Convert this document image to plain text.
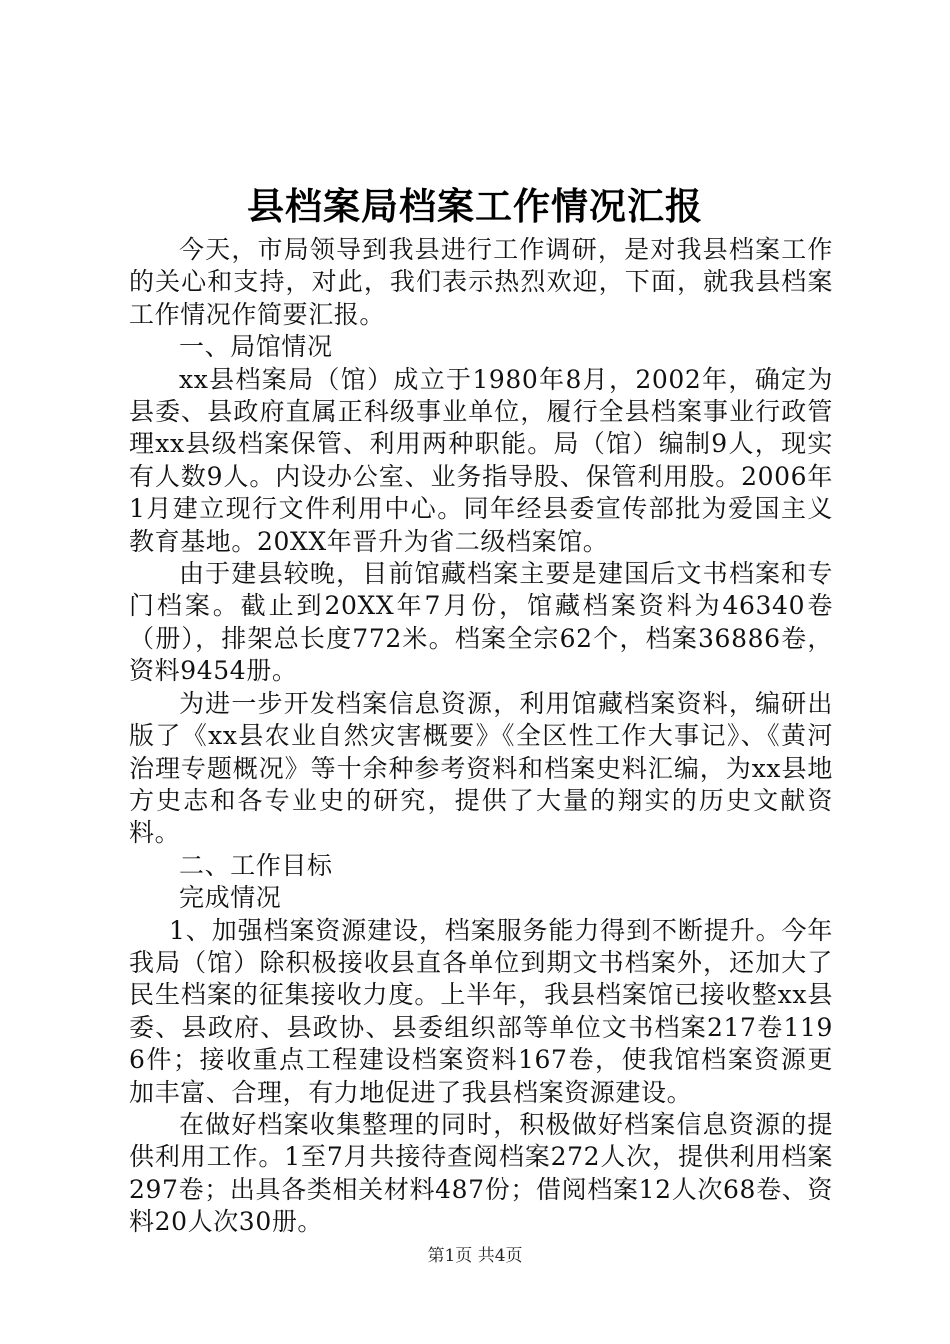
县档案局档案工作情况汇报

今天，市局领导到我县进行工作调研，是对我县档案工作的关心和支持，对此，我们表示热烈欢迎，下面，就我县档案工作情况作简要汇报。

一、局馆情况

xx县档案局（馆）成立于1980年8月，2002年，确定为县委、县政府直属正科级事业单位，履行全县档案事业行政管理xx县级档案保管、利用两种职能。局（馆）编制9人，现实有人数9人。内设办公室、业务指导股、保管利用股。2006年1月建立现行文件利用中心。同年经县委宣传部批为爱国主义教育基地。20XX年晋升为省二级档案馆。

由于建县较晚，目前馆藏档案主要是建国后文书档案和专门档案。截止到20XX年7月份，馆藏档案资料为46340卷（册），排架总长度772米。档案全宗62个，档案36886卷，资料9454册。

为进一步开发档案信息资源，利用馆藏档案资料，编研出版了《xx县农业自然灾害概要》《全区性工作大事记》、《黄河治理专题概况》等十余种参考资料和档案史料汇编，为xx县地方史志和各专业史的研究，提供了大量的翔实的历史文献资料。

二、工作目标

完成情况

1、加强档案资源建设，档案服务能力得到不断提升。今年我局（馆）除积极接收县直各单位到期文书档案外，还加大了民生档案的征集接收力度。上半年，我县档案馆已接收整xx县委、县政府、县政协、县委组织部等单位文书档案217卷1196件；接收重点工程建设档案资料167卷，使我馆档案资源更加丰富、合理，有力地促进了我县档案资源建设。

在做好档案收集整理的同时，积极做好档案信息资源的提供利用工作。1至7月共接待查阅档案272人次，提供利用档案297卷；出具各类相关材料487份；借阅档案12人次68卷、资料20人次30册。

第1页 共4页
